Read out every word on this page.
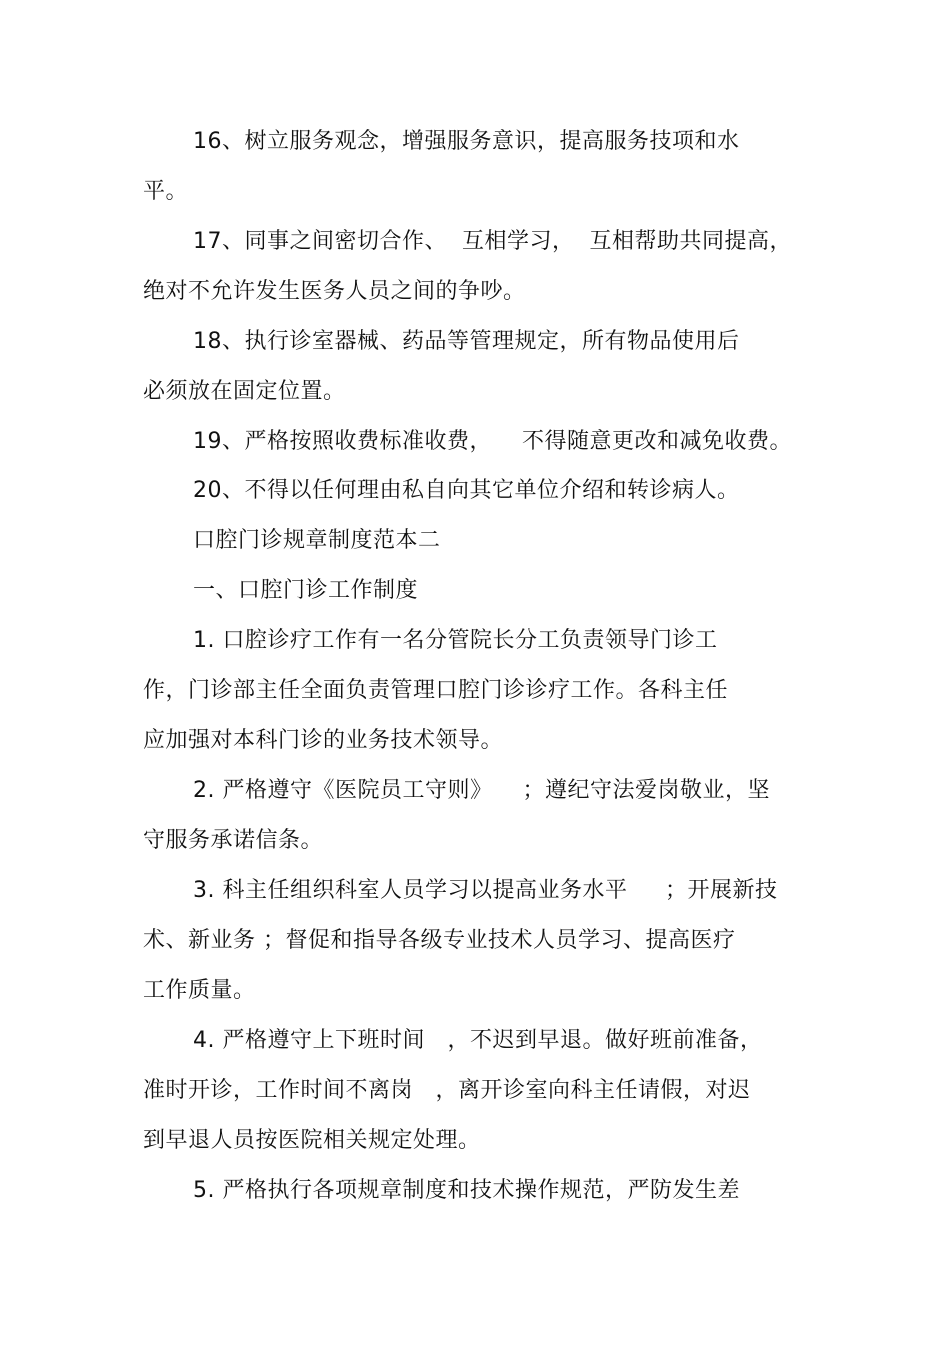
16、树立服务观念，增强服务意识，提高服务技项和水
平。
17、同事之间密切合作、  互相学习，  互相帮助共同提高，
绝对不允许发生医务人员之间的争吵。
18、执行诊室器械、药品等管理规定，所有物品使用后
必须放在固定位置。
19、严格按照收费标准收费，    不得随意更改和减免收费。
20、不得以任何理由私自向其它单位介绍和转诊病人。
口腔门诊规章制度范本二
一、口腔门诊工作制度
1. 口腔诊疗工作有一名分管院长分工负责领导门诊工
作，门诊部主任全面负责管理口腔门诊诊疗工作。各科主任
应加强对本科门诊的业务技术领导。
2. 严格遵守《医院员工守则》    ；遵纪守法爱岗敬业，坚
守服务承诺信条。
3. 科主任组织科室人员学习以提高业务水平     ；开展新技
术、新业务 ；督促和指导各级专业技术人员学习、提高医疗
工作质量。
4. 严格遵守上下班时间   ，不迟到早退。做好班前准备，
准时开诊，工作时间不离岗   ，离开诊室向科主任请假，对迟
到早退人员按医院相关规定处理。
5. 严格执行各项规章制度和技术操作规范，严防发生差
